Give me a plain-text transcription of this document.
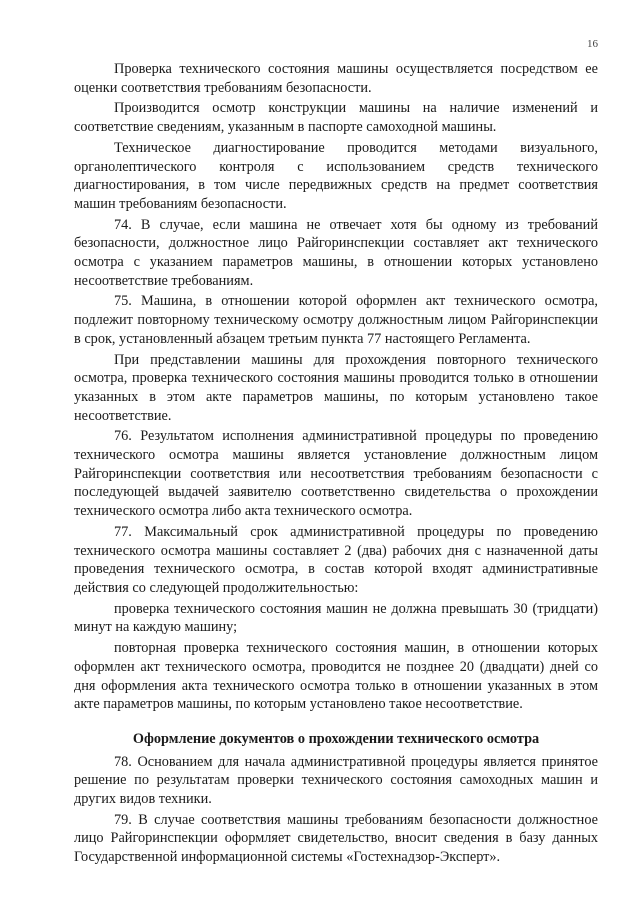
16

Проверка технического состояния машины осуществляется посредством ее оценки соответствия требованиям безопасности.

Производится осмотр конструкции машины на наличие изменений и соответствие сведениям, указанным в паспорте самоходной машины.

Техническое диагностирование проводится методами визуального, органолептического контроля с использованием средств технического диагностирования, в том числе передвижных средств на предмет соответствия машин требованиям безопасности.

74. В случае, если машина не отвечает хотя бы одному из требований безопасности, должностное лицо Райгоринспекции составляет акт технического осмотра с указанием параметров машины, в отношении которых установлено несоответствие требованиям.

75. Машина, в отношении которой оформлен акт технического осмотра, подлежит повторному техническому осмотру должностным лицом Райгоринспекции в срок, установленный абзацем третьим пункта 77 настоящего Регламента.

При представлении машины для прохождения повторного технического осмотра, проверка технического состояния машины проводится только в отношении указанных в этом акте параметров машины, по которым установлено такое несоответствие.

76. Результатом исполнения административной процедуры по проведению технического осмотра машины является установление должностным лицом Райгоринспекции соответствия или несоответствия требованиям безопасности с последующей выдачей заявителю соответственно свидетельства о прохождении технического осмотра либо акта технического осмотра.

77. Максимальный срок административной процедуры по проведению технического осмотра машины составляет 2 (два) рабочих дня с назначенной даты проведения технического осмотра, в состав которой входят административные действия со следующей продолжительностью:

проверка технического состояния машин не должна превышать 30 (тридцати) минут на каждую машину;

повторная проверка технического состояния машин, в отношении которых оформлен акт технического осмотра, проводится не позднее 20 (двадцати) дней со дня оформления акта технического осмотра только в отношении указанных в этом акте параметров машины, по которым установлено такое несоответствие.

Оформление документов о прохождении технического осмотра

78. Основанием для начала административной процедуры является принятое решение по результатам проверки технического состояния самоходных машин и других видов техники.

79. В случае соответствия машины требованиям безопасности должностное лицо Райгоринспекции оформляет свидетельство, вносит сведения в базу данных Государственной информационной системы «Гостехнадзор-Эксперт».
